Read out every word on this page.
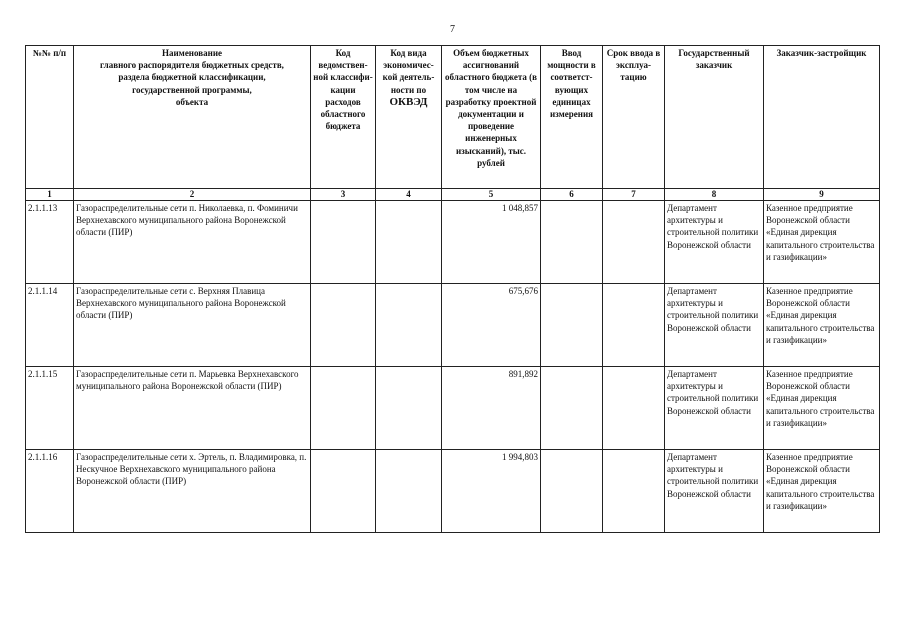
7
№№ п/п	Наименование
главного распорядителя бюджетных средств,
раздела бюджетной классификации,
государственной программы,
объекта	Код ведомствен-ной классифи-кации расходов областного бюджета	Код вида экономичес-кой деятель-ности по
ОКВЭД	Объем бюджетных ассигнований областного бюджета (в том числе на разработку проектной документации и проведение инженерных изысканий), тыс. рублей	Ввод мощности в соответст-вующих единицах измерения	Срок ввода в эксплуа-тацию	Государственный заказчик	Заказчик-застройщик
1	2	3	4	5	6	7	8	9
2.1.1.13	Газораспределительные сети п. Николаевка, п. Фоминичи Верхнехавского муниципального района Воронежской области (ПИР)			1 048,857			Департамент архитектуры и строительной политики Воронежской области	Казенное предприятие Воронежской области «Единая дирекция капитального строительства и газификации»
2.1.1.14	Газораспределительные сети с. Верхняя Плавица Верхнехавского муниципального района Воронежской области (ПИР)			675,676			Департамент архитектуры и строительной политики Воронежской области	Казенное предприятие Воронежской области «Единая дирекция капитального строительства и газификации»
2.1.1.15	Газораспределительные сети п. Марьевка Верхнехавского муниципального района Воронежской области (ПИР)			891,892			Департамент архитектуры и строительной политики Воронежской области	Казенное предприятие Воронежской области «Единая дирекция капитального строительства и газификации»
2.1.1.16	Газораспределительные сети х. Эртель, п. Владимировка, п. Нескучное Верхнехавского муниципального района Воронежской области (ПИР)			1 994,803			Департамент архитектуры и строительной политики Воронежской области	Казенное предприятие Воронежской области «Единая дирекция капитального строительства и газификации»
